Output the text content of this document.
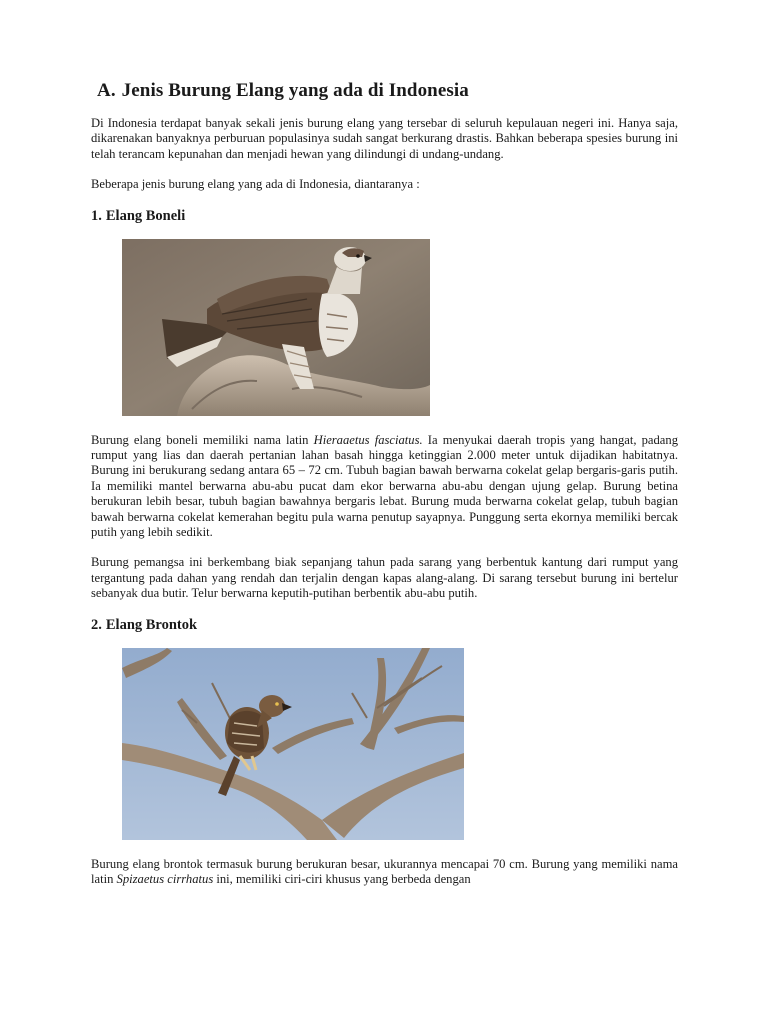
A. Jenis Burung Elang yang ada di Indonesia

Di Indonesia terdapat banyak sekali jenis burung elang yang tersebar di seluruh kepulauan negeri ini. Hanya saja, dikarenakan banyaknya perburuan populasinya sudah sangat berkurang drastis. Bahkan beberapa spesies burung ini telah terancam kepunahan dan menjadi hewan yang dilindungi di undang-undang.

Beberapa jenis burung elang yang ada di Indonesia, diantaranya :

1. Elang Boneli

Burung elang boneli memiliki nama latin Hieraaetus fasciatus. Ia menyukai daerah tropis yang hangat, padang rumput yang lias dan daerah pertanian lahan basah hingga ketinggian 2.000 meter untuk dijadikan habitatnya. Burung ini berukurang sedang antara 65 – 72 cm. Tubuh bagian bawah berwarna cokelat gelap bergaris-garis putih. Ia memiliki mantel berwarna abu-abu pucat dam ekor berwarna abu-abu dengan ujung gelap. Burung betina berukuran lebih besar, tubuh bagian bawahnya bergaris lebat. Burung muda berwarna cokelat gelap, tubuh bagian bawah berwarna cokelat kemerahan begitu pula warna penutup sayapnya. Punggung serta ekornya memiliki bercak putih yang lebih sedikit.

Burung pemangsa ini berkembang biak sepanjang tahun pada sarang yang berbentuk kantung dari rumput yang tergantung pada dahan yang rendah dan terjalin dengan kapas alang-alang. Di sarang tersebut burung ini bertelur sebanyak dua butir. Telur berwarna keputih-putihan berbentik abu-abu putih.

2. Elang Brontok

Burung elang brontok termasuk burung berukuran besar, ukurannya mencapai 70 cm. Burung yang memiliki nama latin Spizaetus cirrhatus ini, memiliki ciri-ciri khusus yang berbeda dengan
